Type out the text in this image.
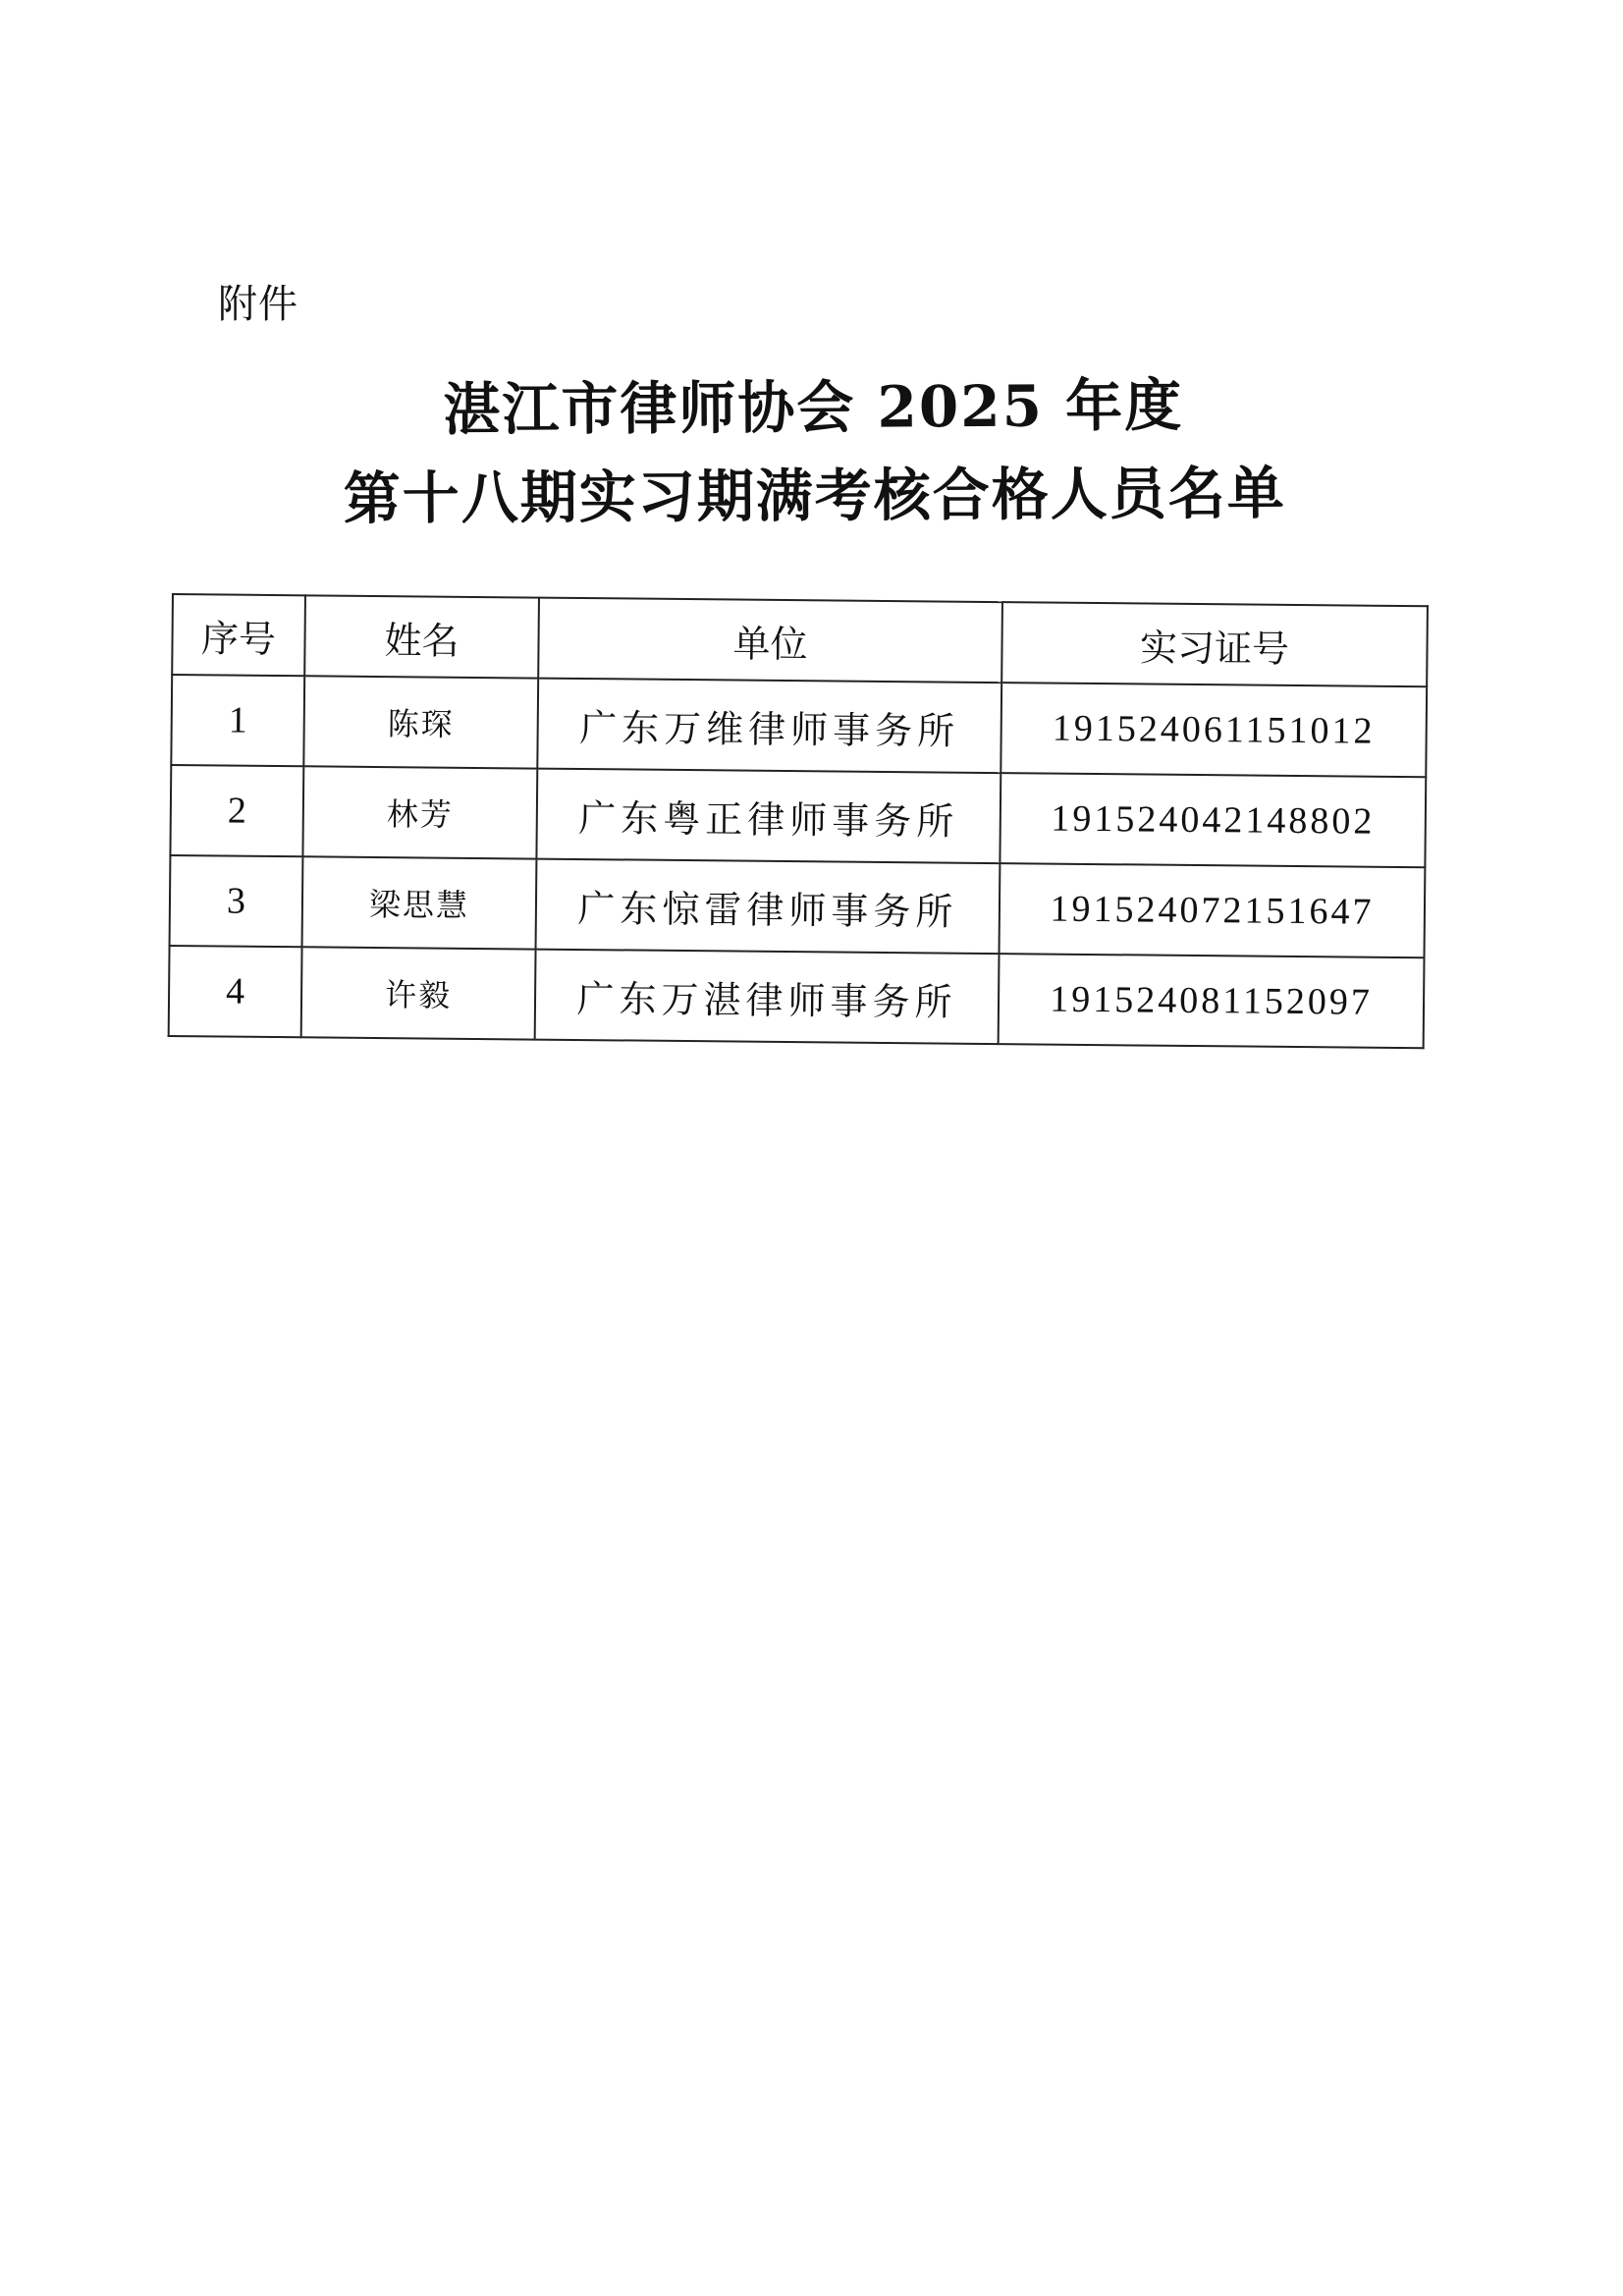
附件
湛江市律师协会 2025 年度
第十八期实习期满考核合格人员名单
序号	姓名	单位	实习证号
1	陈琛	广东万维律师事务所	191524061151012
2	林芳	广东粤正律师事务所	191524042148802
3	梁思慧	广东惊雷律师事务所	191524072151647
4	许毅	广东万湛律师事务所	191524081152097
